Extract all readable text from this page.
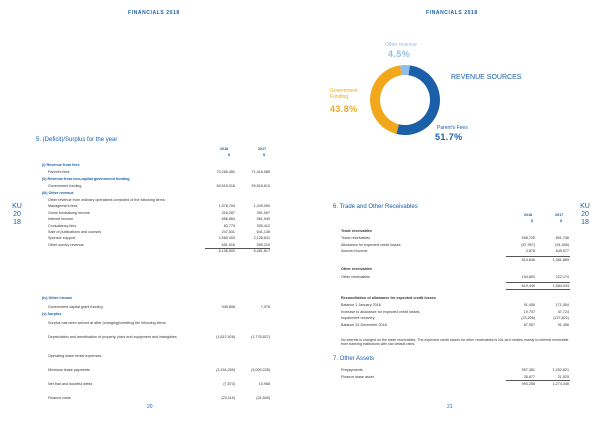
FINANCIALS 2018	FINANCIALS 2018
KU
20
18
KU
20
18
REVENUE SOURCES
Other revenue
4.5%
Parent's Fees
51.7%
Government Funding
43.8%
5. (Deficit)/Surplus for the year
2018	2017
$	$
(i) Revenue from fees
Parent's fees	70,265,450	71,416,085
(ii) Revenue from non-capital government funding
Government funding	59,516,018	59,518,613
(iii) Other revenue
Other revenue from ordinary operations consisted of the following items:
Management fees	1,378,705	1,439,050
Gross fundraising income	318,287	391,097
Interest income	856,884	961,049
Consultancy fees	83,775	305,412
Sale of publications and courses	247,531	641,136
Sponsor support	2,569,400	2,128,631
Other sundry revenue	651,916	559,210
6,106,500	6,481,617
(iv) Other income
Government capital grant funding	945,808	7,978
(v) Surplus
Surplus has been arrived at after (charging)/crediting the following items:
Depreciation and amortisation of property, plant and equipment and intangibles	(1,812,926)	(1,778,827)
Operating lease rental expenses:
Minimum lease payments	(3,154,269)	(3,009,235)
Net bad and doubtful debts	(7,873)	10,968
Finance costs	(23,110)	(24,540)
20
6. Trade and Other Receivables
2018	2017
$	$
Trade receivables
Trade receivables	598,725	801,748
Allowance for expected credit losses	(87,957)	(91,456)
Accrued income	3,878	649,577
514,646	1,361,869
Other receivables
Other receivables	104,803	222,174
619,449	1,584,043
Reconciliation of allowance for expected credit losses
Balance 1 January 2018	91,456	171,554
Increase to allowance for expected credit losses	19,707	47,724
Impairment recovery	(23,206)	(127,822)
Balance 31 December 2018	87,957	91,456
No interest is charged on the trade receivables. The expected credit losses for other receivables is NIL as it relates mainly to interest receivable from banking institutions with low default rates.
7. Other Assets
Prepayments	957,381	1,252,821
Finance lease asset	35,877	21,525
993,258	1,274,346
21
